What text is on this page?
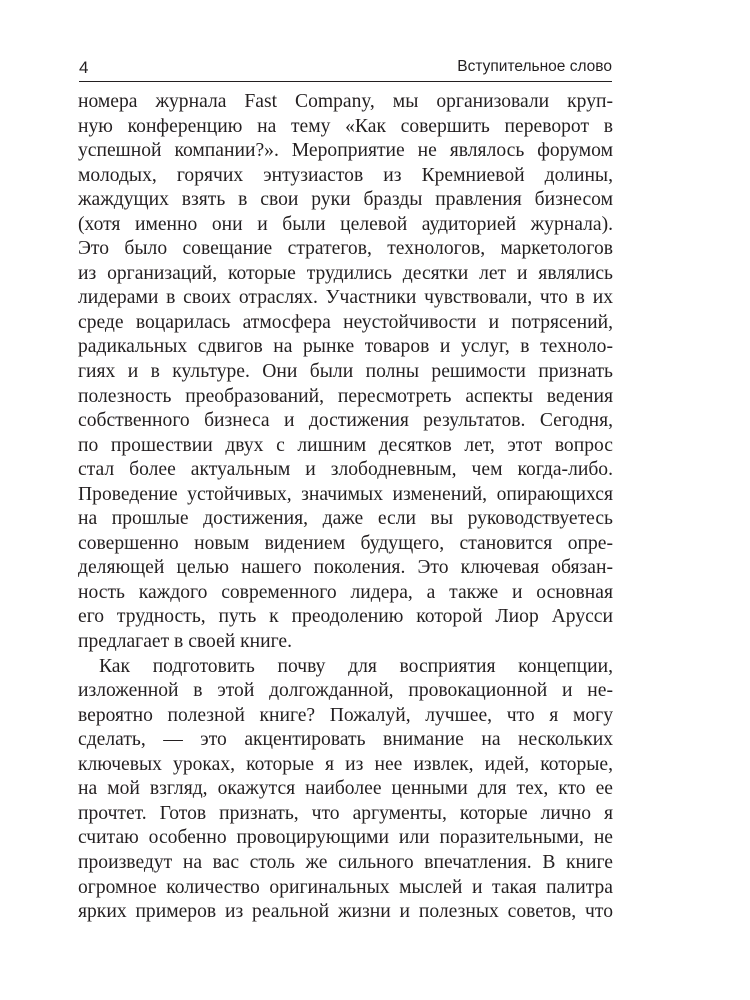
4	Вступительное слово
номера журнала Fast Company, мы организовали круп-
ную конференцию на тему «Как совершить переворот в
успешной компании?». Мероприятие не являлось форумом
молодых, горячих энтузиастов из Кремниевой долины,
жаждущих взять в свои руки бразды правления бизнесом
(хотя именно они и были целевой аудиторией журнала).
Это было совещание стратегов, технологов, маркетологов
из организаций, которые трудились десятки лет и являлись
лидерами в своих отраслях. Участники чувствовали, что в их
среде воцарилась атмосфера неустойчивости и потрясений,
радикальных сдвигов на рынке товаров и услуг, в техноло-
гиях и в культуре. Они были полны решимости признать
полезность преобразований, пересмотреть аспекты ведения
собственного бизнеса и достижения результатов. Сегодня,
по прошествии двух с лишним десятков лет, этот вопрос
стал более актуальным и злободневным, чем когда-либо.
Проведение устойчивых, значимых изменений, опирающихся
на прошлые достижения, даже если вы руководствуетесь
совершенно новым видением будущего, становится опре-
деляющей целью нашего поколения. Это ключевая обязан-
ность каждого современного лидера, а также и основная
его трудность, путь к преодолению которой Лиор Арусси
предлагает в своей книге.
Как подготовить почву для восприятия концепции,
изложенной в этой долгожданной, провокационной и не-
вероятно полезной книге? Пожалуй, лучшее, что я могу
сделать, — это акцентировать внимание на нескольких
ключевых уроках, которые я из нее извлек, идей, которые,
на мой взгляд, окажутся наиболее ценными для тех, кто ее
прочтет. Готов признать, что аргументы, которые лично я
считаю особенно провоцирующими или поразительными, не
произведут на вас столь же сильного впечатления. В книге
огромное количество оригинальных мыслей и такая палитра
ярких примеров из реальной жизни и полезных советов, что
